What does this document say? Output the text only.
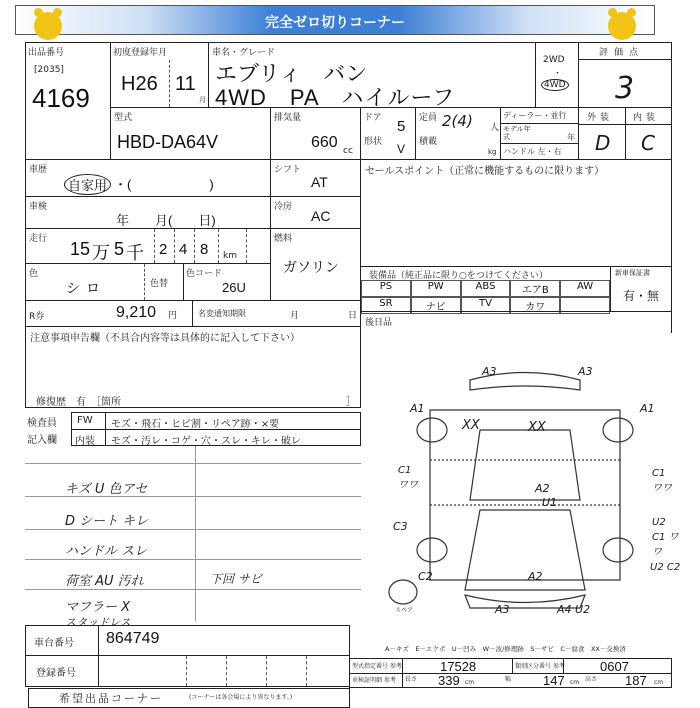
完全ゼロ切りコーナー
出品番号
[2035]
4169
初度登録年月
H26 11
月
車名・グレード
エブリィ　バン
4WD　PA　ハイルーフ
2WD
・
4WD
評価点
3
外装 内装
D C
型式
HBD-DA64V
排気量
660 cc
ドア 5
形状 V
定員 2(4) 人
積載
kg
ディーラー・並行
モデル年式	年
ハンドル 左・右
車歴
自家用 ・(　　　　　　)
車検
年　　月(　　日)
走行 15 万 5 千 2 4 8 km
色
シロ	色替
色コード
26U
シフト
AT
冷房
AC
燃料
ガソリン
R券	9,210 円	名変通知期限	月	日
セールスポイント（正常に機能するものに限ります）
装備品（純正品に限り○をつけてください）
PS	PW	ABS	エアB	AW
SR	ナビ	TV	カワ
新車保証書
有・無
後日品
注意事項申告欄（不具合内容等は具体的に記入して下さい）
修復歴　有　［箇所	］
検査員
記入欄
FW モズ・飛石・ヒビ割・リペア跡・×要
内装 モズ・汚レ・コゲ・穴・スレ・キレ・破レ
キズ U 色アセ
D シート キレ
ハンドル スレ
荷室 AU 汚れ
マフラー X
スタッドレス
下回 サビ
A3	A3
A1	A1
XX	XX
C1 ワワ
C1 ワワ
A2
U1
C3	U2 C1 ワワ
C2
U2 C2
A2
A3	A4 U2
スペア
A－キズ　E－エクボ　U－凹み　W－波/修理跡　S－サビ　C－腐食　XX－交換済
車台番号 864749
登録番号
型式指定番号 参考	17528	類別区分番号 参考	0607
車検証明細 参考 長さ 339 cm	幅 147 cm 高さ 187 cm
希望出品コーナー	(コーナーは各会場により異なります。)
